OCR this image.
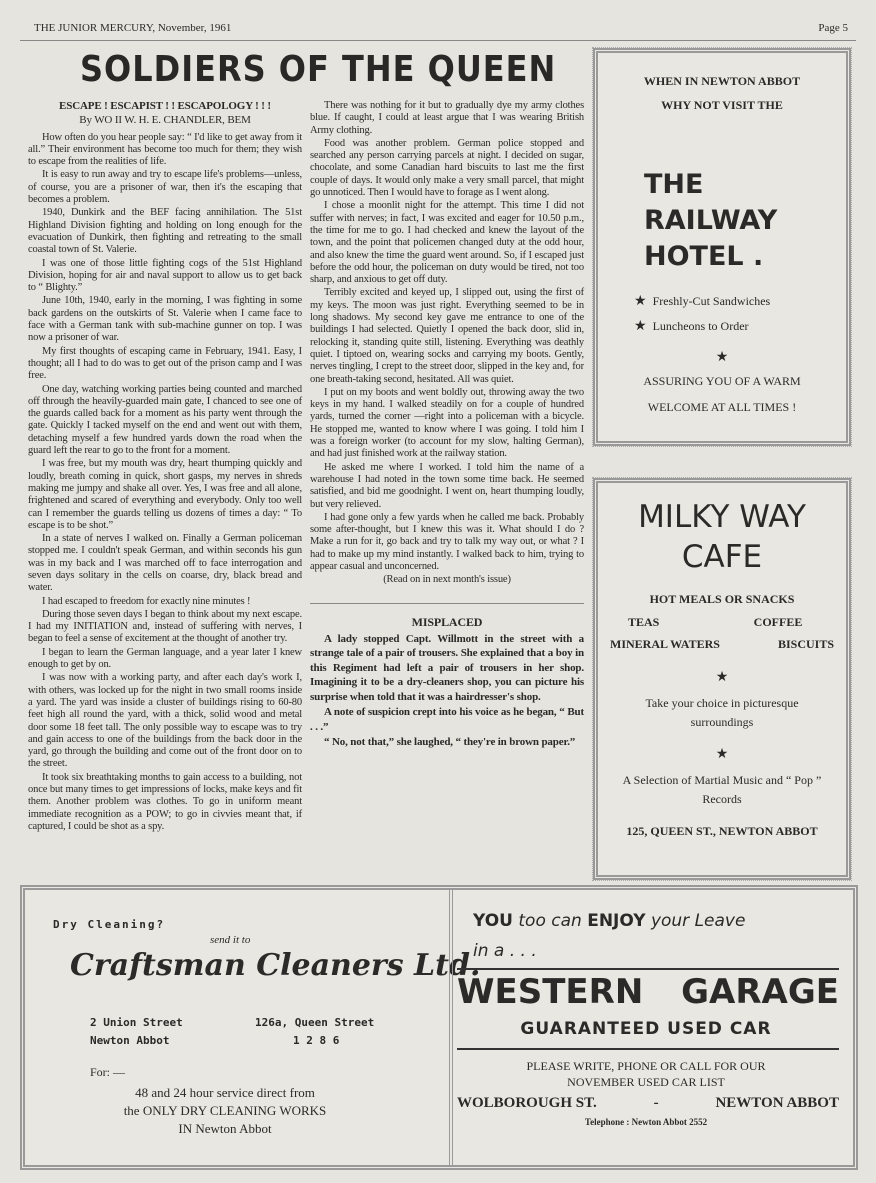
THE JUNIOR MERCURY, November, 1961	Page 5
SOLDIERS OF THE QUEEN
ESCAPE ! ESCAPIST ! ! ESCAPOLOGY ! ! !
By WO II W. H. E. CHANDLER, BEM

How often do you hear people say: “ I'd like to get away from it all.” Their environment has become too much for them; they wish to escape from the realities of life.

It is easy to run away and try to escape life's problems—unless, of course, you are a prisoner of war, then it's the escaping that becomes a problem.

1940, Dunkirk and the BEF facing annihilation. The 51st Highland Division fighting and holding on long enough for the evacuation of Dunkirk, then fighting and retreating to the small coastal town of St. Valerie.

I was one of those little fighting cogs of the 51st Highland Division, hoping for air and naval support to allow us to get back to “ Blighty.”

June 10th, 1940, early in the morning, I was fighting in some back gardens on the outskirts of St. Valerie when I came face to face with a German tank with sub-machine gunner on top. I was now a prisoner of war.

My first thoughts of escaping came in February, 1941. Easy, I thought; all I had to do was to get out of the prison camp and I was free.

One day, watching working parties being counted and marched off through the heavily-guarded main gate, I chanced to see one of the guards called back for a moment as his party went through the gate. Quickly I tacked myself on the end and went out with them, detaching myself a few hundred yards down the road when the guard left the rear to go to the front for a moment.

I was free, but my mouth was dry, heart thumping quickly and loudly, breath coming in quick, short gasps, my nerves in shreds making me jumpy and shake all over. Yes, I was free and all alone, frightened and scared of everything and everybody. Only too well can I remember the guards telling us dozens of times a day: “ To escape is to be shot.”

In a state of nerves I walked on. Finally a German policeman stopped me. I couldn't speak German, and within seconds his gun was in my back and I was marched off to face interrogation and seven days solitary in the cells on coarse, dry, black bread and water.

I had escaped to freedom for exactly nine minutes !

During those seven days I began to think about my next escape. I had my INITIATION and, instead of suffering with nerves, I began to feel a sense of excitement at the thought of another try.

I began to learn the German language, and a year later I knew enough to get by on.

I was now with a working party, and after each day's work I, with others, was locked up for the night in two small rooms inside a yard. The yard was inside a cluster of buildings rising to 60-80 feet high all round the yard, with a thick, solid wood and metal door some 18 feet tall. The only possible way to escape was to try and gain access to one of the buildings from the back door in the yard, go through the building and come out of the front door on to the street.

It took six breathtaking months to gain access to a building, not once but many times to get impressions of locks, make keys and fit them. Another problem was clothes. To go in uniform meant immediate recognition as a POW; to go in civvies meant that, if captured, I could be shot as a spy.

There was nothing for it but to gradually dye my army clothes blue. If caught, I could at least argue that I was wearing British Army clothing.

Food was another problem. German police stopped and searched any person carrying parcels at night. I decided on sugar, chocolate, and some Canadian hard biscuits to last me the first couple of days. It would only make a very small parcel, that might go unnoticed. Then I would have to forage as I went along.

I chose a moonlit night for the attempt. This time I did not suffer with nerves; in fact, I was excited and eager for 10.50 p.m., the time for me to go. I had checked and knew the layout of the town, and the point that policemen changed duty at the odd hour, and also knew the time the guard went around. So, if I escaped just before the odd hour, the policeman on duty would be tired, not too sharp, and anxious to get off duty.

Terribly excited and keyed up, I slipped out, using the first of my keys. The moon was just right. Everything seemed to be in long shadows. My second key gave me entrance to one of the buildings I had selected. Quietly I opened the back door, slid in, relocking it, standing quite still, listening. Everything was deathly quiet. I tiptoed on, wearing socks and carrying my boots. Gently, nerves tingling, I crept to the street door, slipped in the key and, for one breath-taking second, hesitated. All was quiet.

I put on my boots and went boldly out, throwing away the two keys in my hand. I walked steadily on for a couple of hundred yards, turned the corner —right into a policeman with a bicycle. He stopped me, wanted to know where I was going. I told him I was a foreign worker (to account for my slow, halting German), and had just finished work at the railway station.

He asked me where I worked. I told him the name of a warehouse I had noted in the town some time back. He seemed satisfied, and bid me goodnight. I went on, heart thumping loudly, but very relieved.

I had gone only a few yards when he called me back. Probably some after-thought, but I knew this was it. What should I do ? Make a run for it, go back and try to talk my way out, or what ? I had to make up my mind instantly. I walked back to him, trying to appear casual and unconcerned.

(Read on in next month's issue)

MISPLACED

A lady stopped Capt. Willmott in the street with a strange tale of a pair of trousers. She explained that a boy in this Regiment had left a pair of trousers in her shop. Imagining it to be a dry-cleaners shop, you can picture his surprise when told that it was a hairdresser's shop.

A note of suspicion crept into his voice as he began, “ But . . .”

“ No, not that,” she laughed, “ they're in brown paper.”

WHEN IN NEWTON ABBOT
WHY NOT VISIT THE
THE
RAILWAY
HOTEL .
★ Freshly-Cut Sandwiches
★ Luncheons to Order
★
ASSURING YOU OF A WARM
WELCOME AT ALL TIMES !
MILKY WAY
CAFE
HOT MEALS OR SNACKS
TEAS	COFFEE
MINERAL WATERS	BISCUITS
★
Take your choice in picturesque surroundings
★
A Selection of Martial Music and “ Pop ” Records
125, QUEEN ST., NEWTON ABBOT
Dry Cleaning?
send it to
Craftsman Cleaners Ltd.
2 Union Street
Newton Abbot
126a, Queen Street
1 2 8 6
For: —
48 and 24 hour service direct from
the ONLY DRY CLEANING WORKS
IN Newton Abbot
YOU too can ENJOY your Leave
in a . . .
WESTERN GARAGE
GUARANTEED USED CAR
PLEASE WRITE, PHONE OR CALL FOR OUR
NOVEMBER USED CAR LIST
WOLBOROUGH ST.	-	NEWTON ABBOT
Telephone : Newton Abbot 2552
